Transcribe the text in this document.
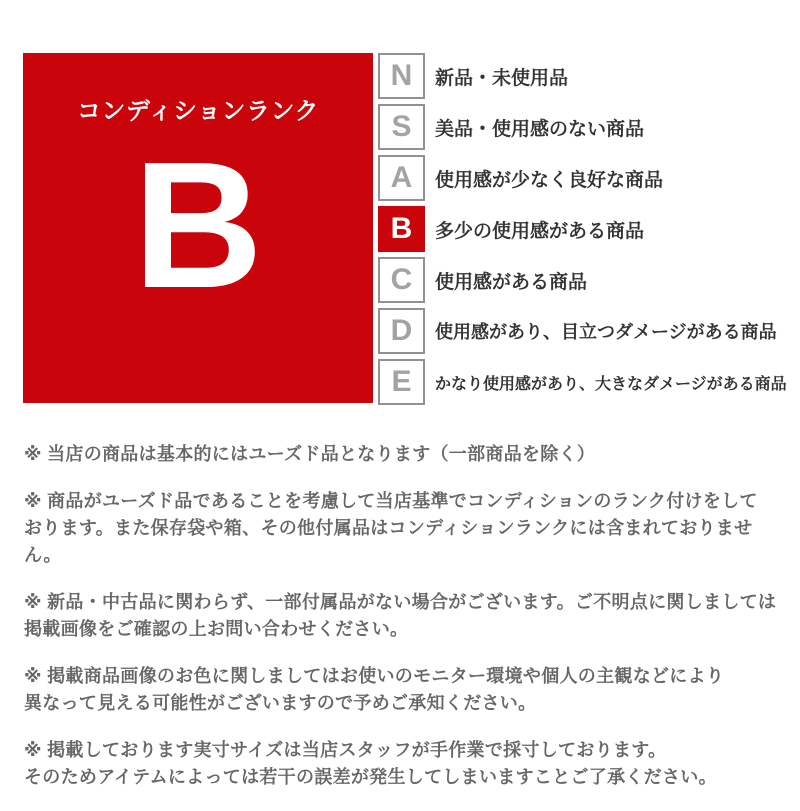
コンディションランク
B
N 新品・未使用品
S 美品・使用感のない商品
A 使用感が少なく良好な商品
B 多少の使用感がある商品
C 使用感がある商品
D 使用感があり、目立つダメージがある商品
E かなり使用感があり、大きなダメージがある商品

※ 当店の商品は基本的にはユーズド品となります（一部商品を除く）

※ 商品がユーズド品であることを考慮して当店基準でコンディションのランク付けをして
おります。また保存袋や箱、その他付属品はコンディションランクには含まれておりません。

※ 新品・中古品に関わらず、一部付属品がない場合がございます。ご不明点に関しましては
掲載画像をご確認の上お問い合わせください。

※ 掲載商品画像のお色に関しましてはお使いのモニター環境や個人の主観などにより
異なって見える可能性がございますので予めご承知ください。

※ 掲載しております実寸サイズは当店スタッフが手作業で採寸しております。
そのためアイテムによっては若干の誤差が発生してしまいますことご了承ください。
